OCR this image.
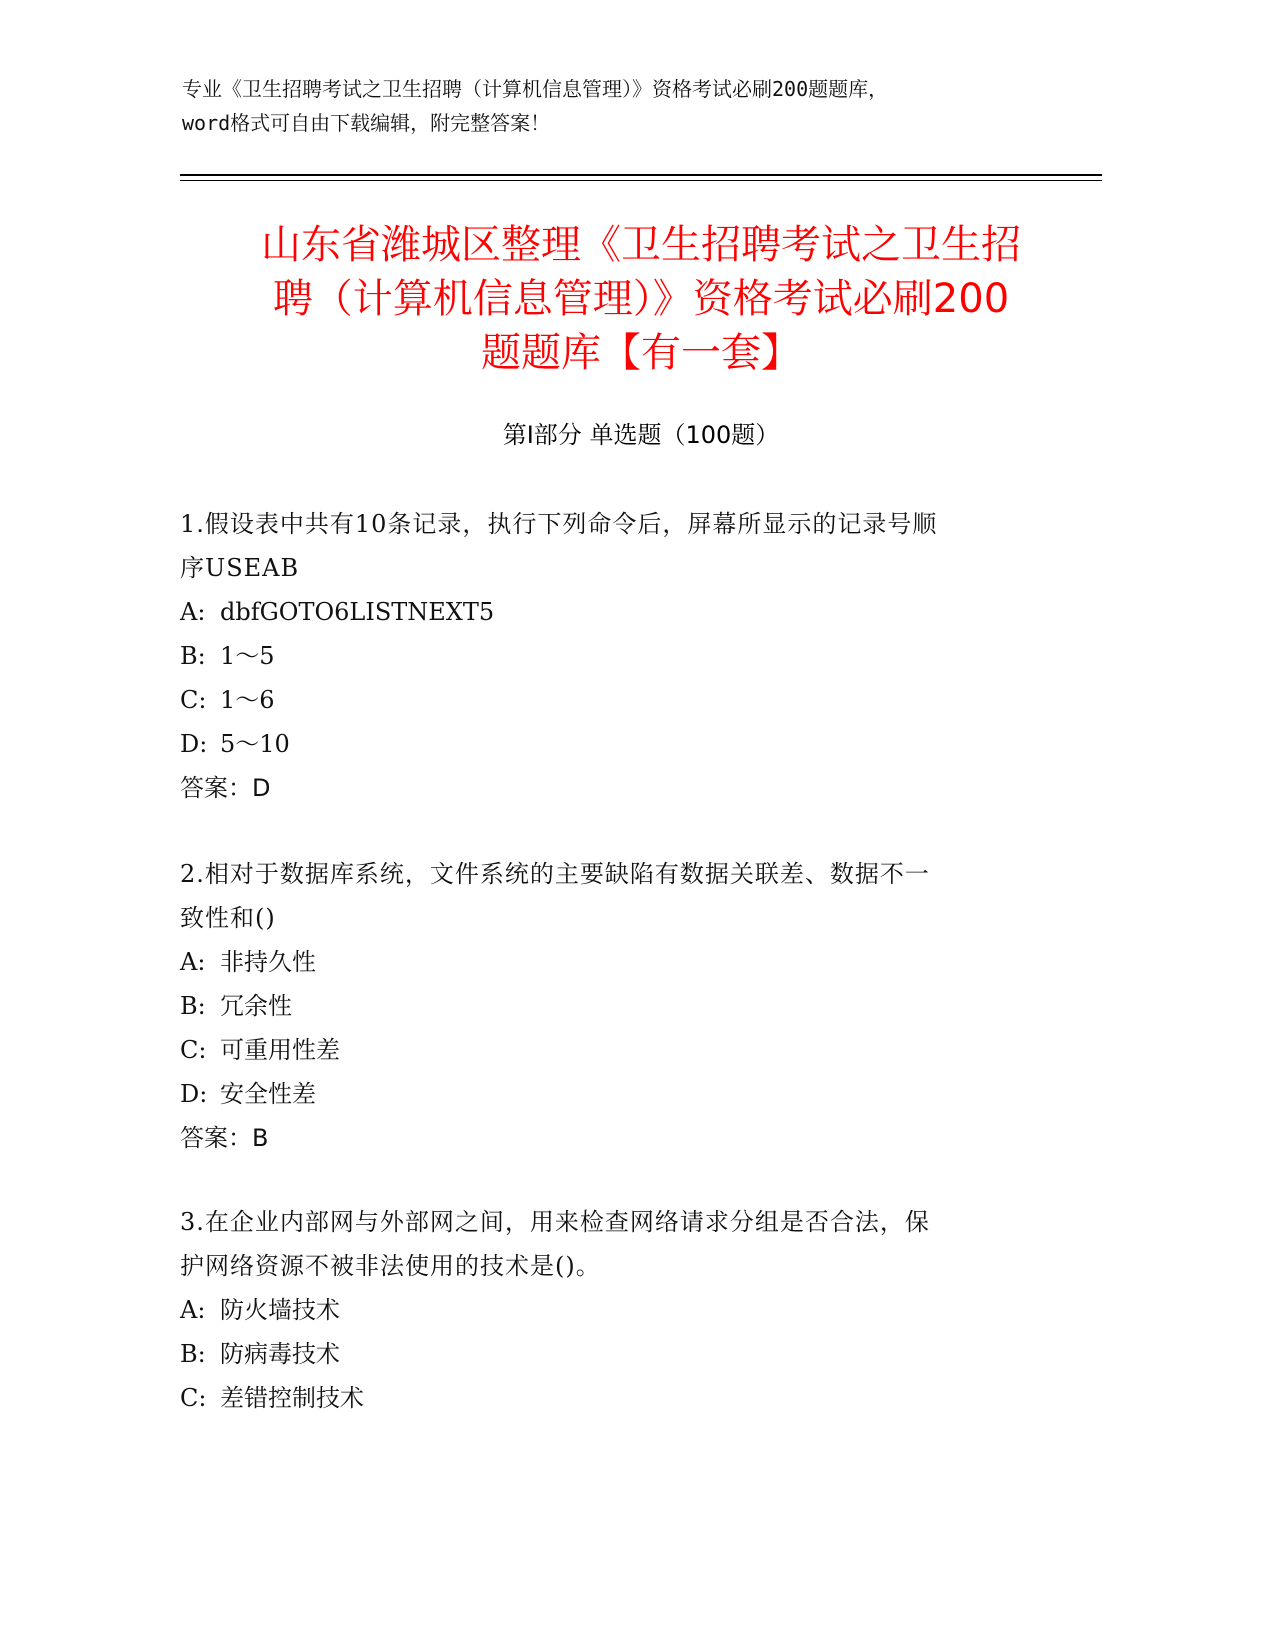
专业《卫生招聘考试之卫生招聘（计算机信息管理）》资格考试必刷200题题库，
word格式可自由下载编辑，附完整答案！
山东省潍城区整理《卫生招聘考试之卫生招
聘（计算机信息管理）》资格考试必刷200
题题库【有一套】
第Ⅰ部分 单选题（100题）
1.假设表中共有10条记录，执行下列命令后，屏幕所显示的记录号顺
序USEAB
A: dbfGOTO6LISTNEXT5
B: 1～5
C: 1～6
D: 5～10
答案：D
2.相对于数据库系统，文件系统的主要缺陷有数据关联差、数据不一
致性和()
A: 非持久性
B: 冗余性
C: 可重用性差
D: 安全性差
答案：B
3.在企业内部网与外部网之间，用来检查网络请求分组是否合法，保
护网络资源不被非法使用的技术是()。
A: 防火墙技术
B: 防病毒技术
C: 差错控制技术
